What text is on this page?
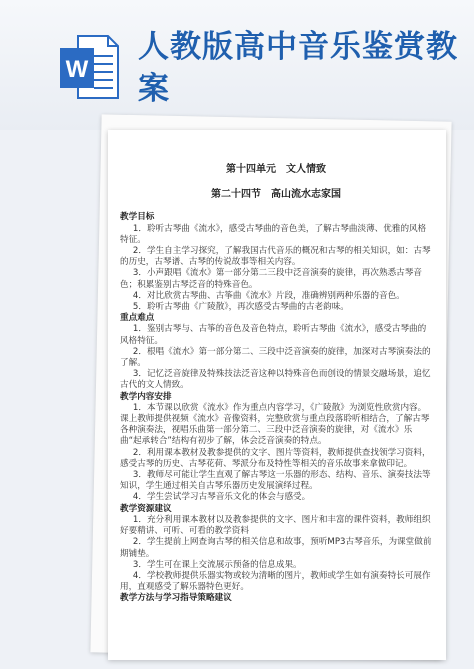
W
人教版高中音乐鉴赏教案
第十四单元　文人情致
第二十四节　高山流水志家国
教学目标
1．聆听古琴曲《流水》，感受古琴曲的音色美，了解古琴曲淡薄、优雅的风格特征。
2．学生自主学习探究，了解我国古代音乐的概况和古琴的相关知识，如：古琴的历史，古琴谱、古琴的传说故事等相关内容。
3．小声跟唱《流水》第一部分第二三段中泛音演奏的旋律，再次熟悉古琴音色；积累鉴别古琴泛音的特殊音色。
4．对比欣赏古琴曲、古筝曲《流水》片段，准确辨别两种乐器的音色。
5．聆听古琴曲《广陵散》，再次感受古琴曲的古老韵味。
重点难点
1．鉴别古琴与、古筝的音色及音色特点，聆听古琴曲《流水》，感受古琴曲的风格特征。
2．根唱《流水》第一部分第二、三段中泛音演奏的旋律，加深对古琴演奏法的了解。
3．记忆泛音旋律及特殊技法泛音这种以特殊音色而创设的情景交融场景，追忆古代的文人情致。
教学内容安排
1．本节课以欣赏《流水》作为重点内容学习，《广陵散》为浏览性欣赏内容。课上教师提供视频《流水》音像资料，完整欣赏与重点段落聆听相结合，了解古琴各种演奏法，视唱乐曲第一部分第二、三段中泛音演奏的旋律，对《流水》乐曲“起承转合”结构有初步了解，体会泛音演奏的特点。
2．利用课本教材及教参提供的文字、图片等资料，教师提供查找领学习资料，感受古琴的历史、古琴花荷、琴派分布及特性等相关的音乐故事来拿做印记。
3．教师尽可能让学生直观了解古琴这一乐器的形态、结构、音乐、演奏技法等知识，学生通过相关自古琴乐器历史发展演绎过程。
4．学生尝试学习古琴音乐文化的体会与感受。
教学资源建议
1．充分利用课本教材以及教参提供的文字、图片和丰富的课件资料，教师组织好要精讲、可听、可看的教学资料
2．学生提前上网查询古琴的相关信息和故事，预听MP3古琴音乐，为课堂做前期铺垫。
3．学生可在课上交流展示预备的信息成果。
4．学校教师提供乐器实物或较为清晰的图片，教师或学生如有演奏特长可展作用，直观感受了解乐器特色更好。
教学方法与学习指导策略建议
